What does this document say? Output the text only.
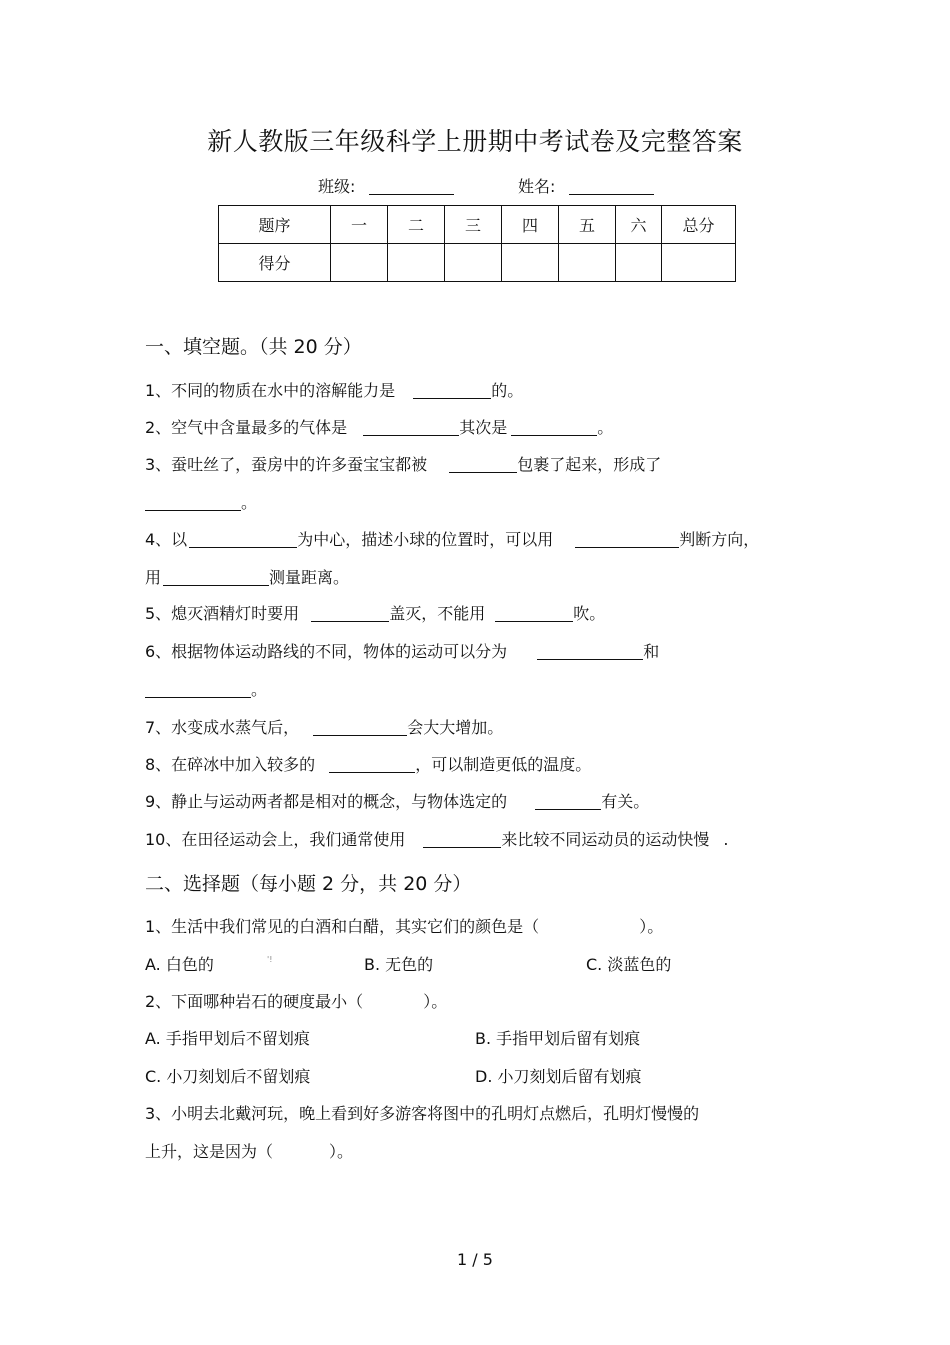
新人教版三年级科学上册期中考试卷及完整答案
班级:	姓名:
题序	一	二	三	四	五	六	总分
得分							
一、填空题。（共 20 分）
1、不同的物质在水中的溶解能力是	的。
2、空气中含量最多的气体是	其次是	。
3、蚕吐丝了，蚕房中的许多蚕宝宝都被	包裹了起来，形成了
。
4、以	为中心，描述小球的位置时，可以用	判断方向，
用	测量距离。
5、熄灭酒精灯时要用	盖灭，不能用	吹。
6、根据物体运动路线的不同，物体的运动可以分为	和
。
7、水变成水蒸气后，	会大大增加。
8、在碎冰中加入较多的	，可以制造更低的温度。
9、静止与运动两者都是相对的概念，与物体选定的	有关。
10、在田径运动会上，我们通常使用	来比较不同运动员的运动快慢 .
二、选择题（每小题 2 分，共 20 分）
1、生活中我们常见的白酒和白醋，其实它们的颜色是（	）。
A. 白色的	'!	B. 无色的	C. 淡蓝色的
2、下面哪种岩石的硬度最小（	）。
A. 手指甲划后不留划痕	B. 手指甲划后留有划痕
C. 小刀刻划后不留划痕	D. 小刀刻划后留有划痕
3、小明去北戴河玩，晚上看到好多游客将图中的孔明灯点燃后，孔明灯慢慢的
上升，这是因为（	）。
1 / 5
